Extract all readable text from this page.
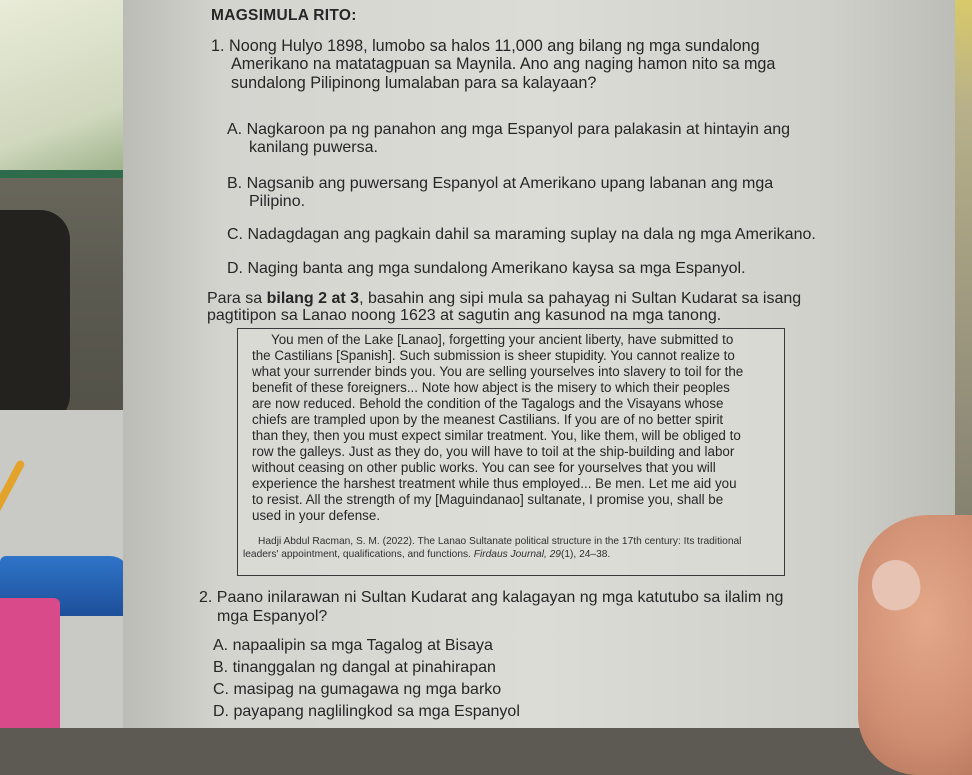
MAGSIMULA RITO:
1. Noong Hulyo 1898, lumobo sa halos 11,000 ang bilang ng mga sundalong
Amerikano na matatagpuan sa Maynila. Ano ang naging hamon nito sa mga
sundalong Pilipinong lumalaban para sa kalayaan?
A. Nagkaroon pa ng panahon ang mga Espanyol para palakasin at hintayin ang
kanilang puwersa.
B. Nagsanib ang puwersang Espanyol at Amerikano upang labanan ang mga
Pilipino.
C. Nadagdagan ang pagkain dahil sa maraming suplay na dala ng mga Amerikano.
D. Naging banta ang mga sundalong Amerikano kaysa sa mga Espanyol.
Para sa bilang 2 at 3, basahin ang sipi mula sa pahayag ni Sultan Kudarat sa isang
pagtitipon sa Lanao noong 1623 at sagutin ang kasunod na mga tanong.
You men of the Lake [Lanao], forgetting your ancient liberty, have submitted to
the Castilians [Spanish]. Such submission is sheer stupidity. You cannot realize to
what your surrender binds you. You are selling yourselves into slavery to toil for the
benefit of these foreigners... Note how abject is the misery to which their peoples
are now reduced. Behold the condition of the Tagalogs and the Visayans whose
chiefs are trampled upon by the meanest Castilians. If you are of no better spirit
than they, then you must expect similar treatment. You, like them, will be obliged to
row the galleys. Just as they do, you will have to toil at the ship-building and labor
without ceasing on other public works. You can see for yourselves that you will
experience the harshest treatment while thus employed... Be men. Let me aid you
to resist. All the strength of my [Maguindanao] sultanate, I promise you, shall be
used in your defense.
Hadji Abdul Racman, S. M. (2022). The Lanao Sultanate political structure in the 17th century: Its traditional
leaders' appointment, qualifications, and functions. Firdaus Journal, 29(1), 24–38.
2. Paano inilarawan ni Sultan Kudarat ang kalagayan ng mga katutubo sa ilalim ng
mga Espanyol?
A. napaalipin sa mga Tagalog at Bisaya
B. tinanggalan ng dangal at pinahirapan
C. masipag na gumagawa ng mga barko
D. payapang naglilingkod sa mga Espanyol
